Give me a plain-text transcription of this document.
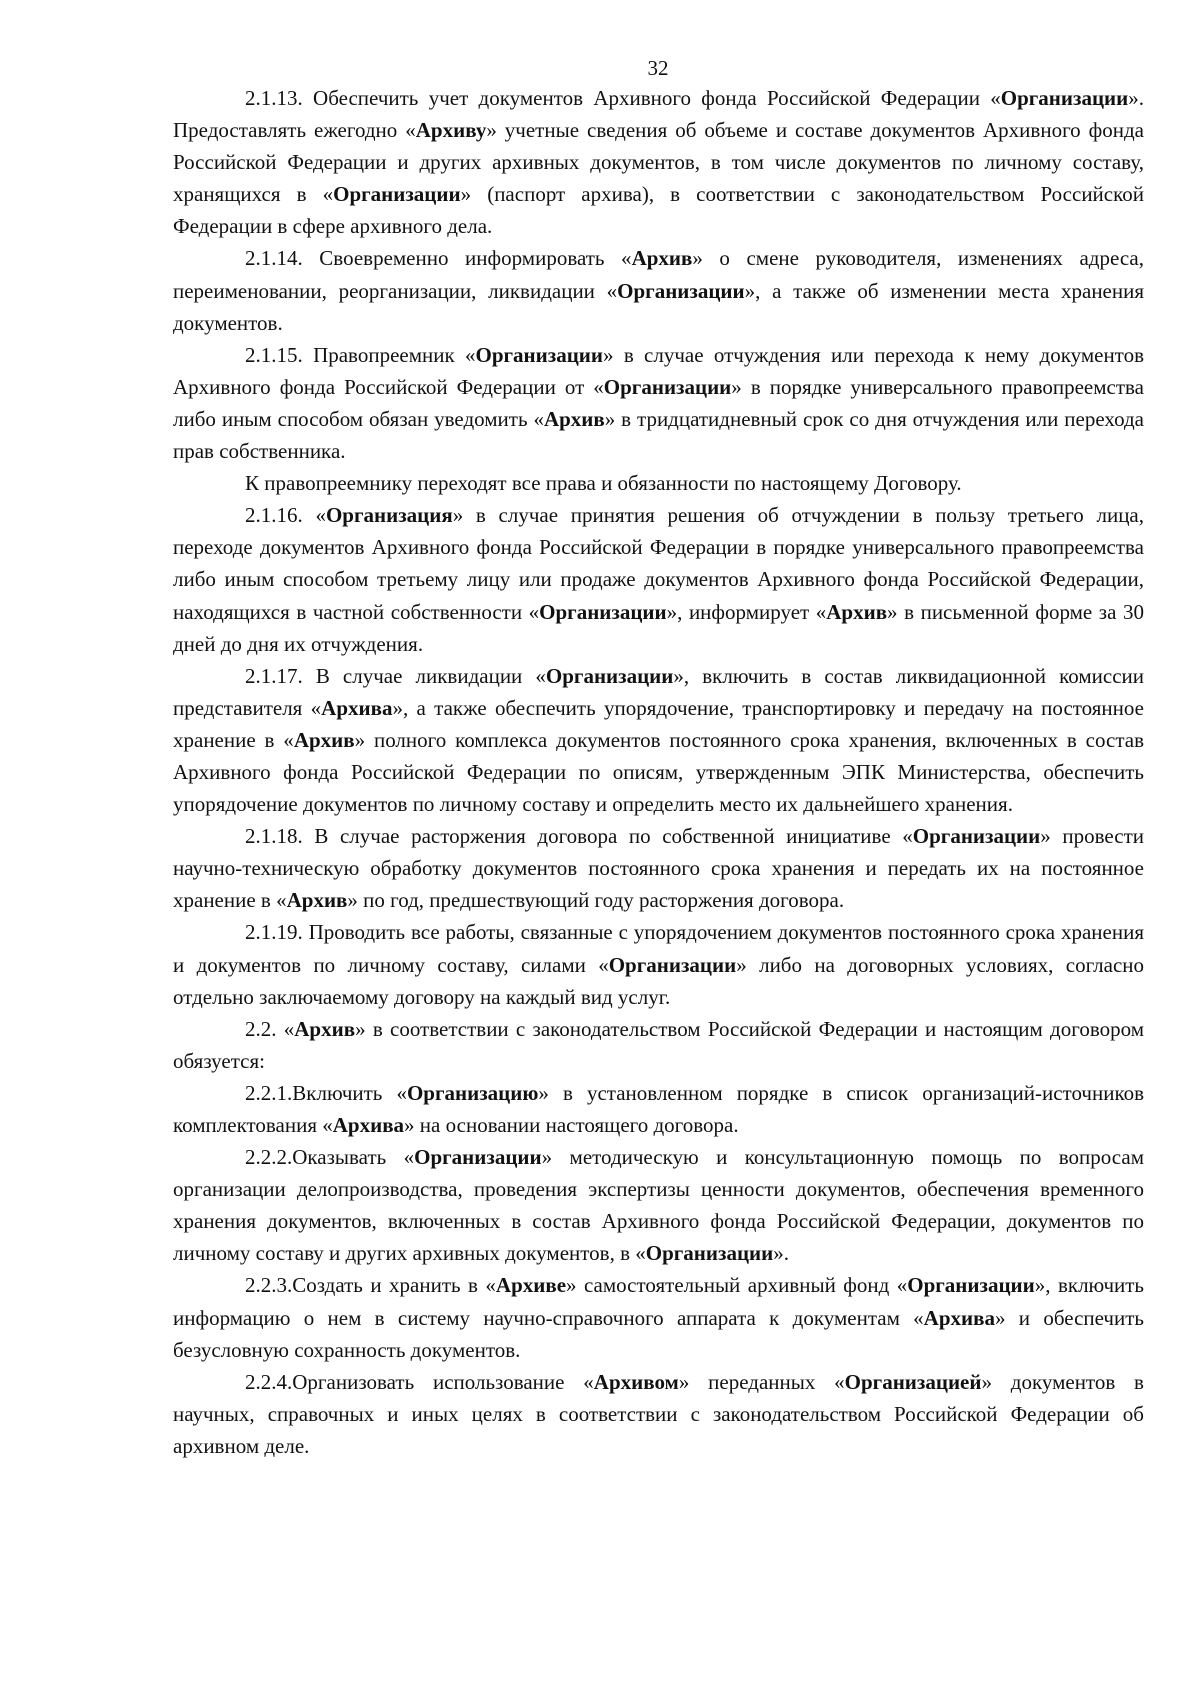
32

2.1.13. Обеспечить учет документов Архивного фонда Российской Федерации «Организации». Предоставлять ежегодно «Архиву» учетные сведения об объеме и составе документов Архивного фонда Российской Федерации и других архивных документов, в том числе документов по личному составу, хранящихся в «Организации» (паспорт архива), в соответствии с законодательством Российской Федерации в сфере архивного дела.

2.1.14. Своевременно информировать «Архив» о смене руководителя, изменениях адреса, переименовании, реорганизации, ликвидации «Организации», а также об изменении места хранения документов.

2.1.15. Правопреемник «Организации» в случае отчуждения или перехода к нему документов Архивного фонда Российской Федерации от «Организации» в порядке универсального правопреемства либо иным способом обязан уведомить «Архив» в тридцатидневный срок со дня отчуждения или перехода прав собственника.

К правопреемнику переходят все права и обязанности по настоящему Договору.

2.1.16. «Организация» в случае принятия решения об отчуждении в пользу третьего лица, переходе документов Архивного фонда Российской Федерации в порядке универсального правопреемства либо иным способом третьему лицу или продаже документов Архивного фонда Российской Федерации, находящихся в частной собственности «Организации», информирует «Архив» в письменной форме за 30 дней до дня их отчуждения.

2.1.17. В случае ликвидации «Организации», включить в состав ликвидационной комиссии представителя «Архива», а также обеспечить упорядочение, транспортировку и передачу на постоянное хранение в «Архив» полного комплекса документов постоянного срока хранения, включенных в состав Архивного фонда Российской Федерации по описям, утвержденным ЭПК Министерства, обеспечить упорядочение документов по личному составу и определить место их дальнейшего хранения.

2.1.18. В случае расторжения договора по собственной инициативе «Организации» провести научно-техническую обработку документов постоянного срока хранения и передать их на постоянное хранение в «Архив» по год, предшествующий году расторжения договора.

2.1.19. Проводить все работы, связанные с упорядочением документов постоянного срока хранения и документов по личному составу, силами «Организации» либо на договорных условиях, согласно отдельно заключаемому договору на каждый вид услуг.

2.2. «Архив» в соответствии с законодательством Российской Федерации и настоящим договором обязуется:

2.2.1.Включить «Организацию» в установленном порядке в список организаций-источников комплектования «Архива» на основании настоящего договора.

2.2.2.Оказывать «Организации» методическую и консультационную помощь по вопросам организации делопроизводства, проведения экспертизы ценности документов, обеспечения временного хранения документов, включенных в состав Архивного фонда Российской Федерации, документов по личному составу и других архивных документов, в «Организации».

2.2.3.Создать и хранить в «Архиве» самостоятельный архивный фонд «Организации», включить информацию о нем в систему научно-справочного аппарата к документам «Архива» и обеспечить безусловную сохранность документов.

2.2.4.Организовать использование «Архивом» переданных «Организацией» документов в научных, справочных и иных целях в соответствии с законодательством Российской Федерации об архивном деле.
